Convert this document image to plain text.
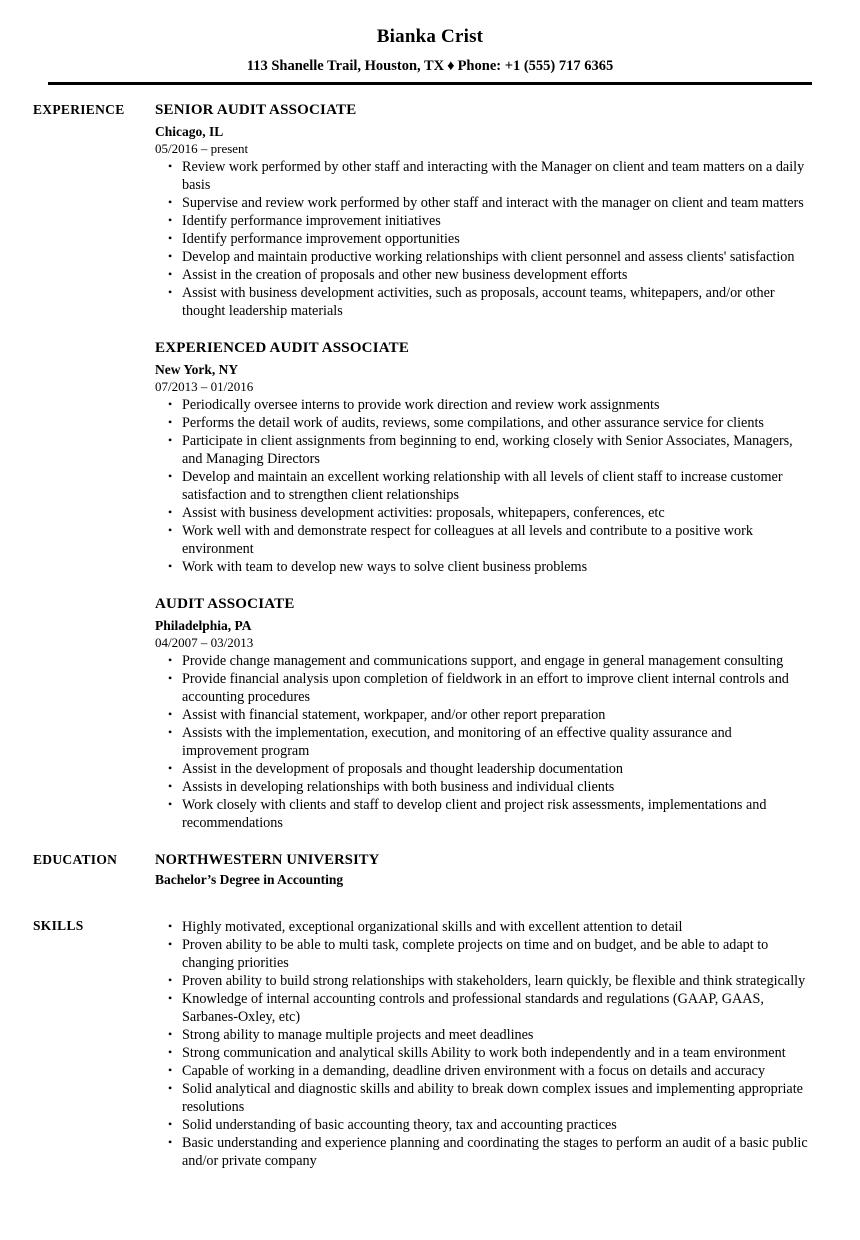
Bianka Crist
113 Shanelle Trail, Houston, TX ♦ Phone: +1 (555) 717 6365
EXPERIENCE	SENIOR AUDIT ASSOCIATE
Chicago, IL
05/2016 – present
• Review work performed by other staff and interacting with the Manager on client and team matters on a daily basis
• Supervise and review work performed by other staff and interact with the manager on client and team matters
• Identify performance improvement initiatives
• Identify performance improvement opportunities
• Develop and maintain productive working relationships with client personnel and assess clients' satisfaction
• Assist in the creation of proposals and other new business development efforts
• Assist with business development activities, such as proposals, account teams, whitepapers, and/or other thought leadership materials
EXPERIENCED AUDIT ASSOCIATE
New York, NY
07/2013 – 01/2016
• Periodically oversee interns to provide work direction and review work assignments
• Performs the detail work of audits, reviews, some compilations, and other assurance service for clients
• Participate in client assignments from beginning to end, working closely with Senior Associates, Managers, and Managing Directors
• Develop and maintain an excellent working relationship with all levels of client staff to increase customer satisfaction and to strengthen client relationships
• Assist with business development activities: proposals, whitepapers, conferences, etc
• Work well with and demonstrate respect for colleagues at all levels and contribute to a positive work environment
• Work with team to develop new ways to solve client business problems
AUDIT ASSOCIATE
Philadelphia, PA
04/2007 – 03/2013
• Provide change management and communications support, and engage in general management consulting
• Provide financial analysis upon completion of fieldwork in an effort to improve client internal controls and accounting procedures
• Assist with financial statement, workpaper, and/or other report preparation
• Assists with the implementation, execution, and monitoring of an effective quality assurance and improvement program
• Assist in the development of proposals and thought leadership documentation
• Assists in developing relationships with both business and individual clients
• Work closely with clients and staff to develop client and project risk assessments, implementations and recommendations
EDUCATION	NORTHWESTERN UNIVERSITY
Bachelor’s Degree in Accounting
SKILLS	• Highly motivated, exceptional organizational skills and with excellent attention to detail
• Proven ability to be able to multi task, complete projects on time and on budget, and be able to adapt to changing priorities
• Proven ability to build strong relationships with stakeholders, learn quickly, be flexible and think strategically
• Knowledge of internal accounting controls and professional standards and regulations (GAAP, GAAS, Sarbanes-Oxley, etc)
• Strong ability to manage multiple projects and meet deadlines
• Strong communication and analytical skills Ability to work both independently and in a team environment
• Capable of working in a demanding, deadline driven environment with a focus on details and accuracy
• Solid analytical and diagnostic skills and ability to break down complex issues and implementing appropriate resolutions
• Solid understanding of basic accounting theory, tax and accounting practices
• Basic understanding and experience planning and coordinating the stages to perform an audit of a basic public and/or private company
